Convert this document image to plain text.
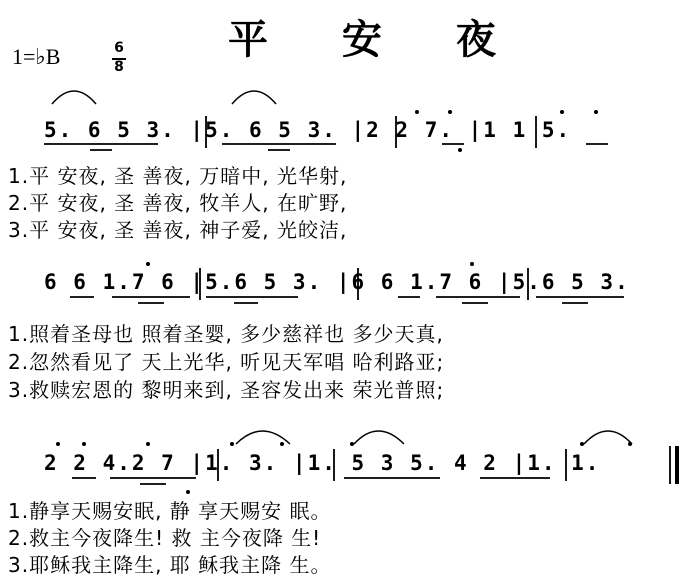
平 安 夜
1=♭B	6
8
5. 6 5 3. |5. 6 5 3. |2 2 7. |1 1 5.
1.平 安夜, 圣 善夜, 万暗中, 光华射,
2.平 安夜, 圣 善夜, 牧羊人, 在旷野,
3.平 安夜, 圣 善夜, 神子爱, 光皎洁,
6 6 1.7 6 |5.6 5 3. |6 6 1.7 6 |5.6 5 3.
1.照着圣母也 照着圣婴, 多少慈祥也 多少天真,
2.忽然看见了 天上光华, 听见天军唱 哈利路亚;
3.救赎宏恩的 黎明来到, 圣容发出来 荣光普照;
2 2 4.2 7 |1. 3. |1. 5 3 5. 4 2 |1. 1.
1.静享天赐安眠, 静 享天赐安 眠。
2.救主今夜降生! 救 主今夜降 生!
3.耶稣我主降生, 耶 稣我主降 生。
